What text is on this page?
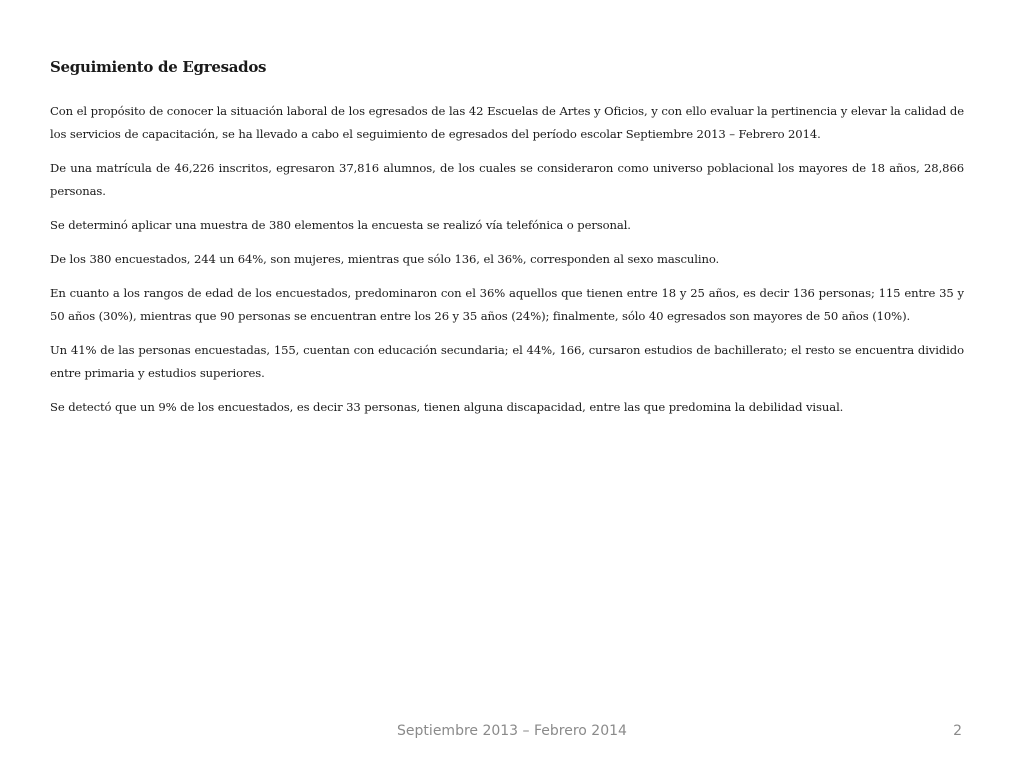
Seguimiento de Egresados

Con el propósito de conocer la situación laboral de los egresados de las 42 Escuelas de Artes y Oficios, y con ello evaluar la pertinencia y elevar la calidad de los servicios de capacitación, se ha llevado a cabo el seguimiento de egresados del período escolar Septiembre 2013 – Febrero 2014.

De una matrícula de 46,226 inscritos, egresaron 37,816 alumnos, de los cuales se consideraron como universo poblacional los mayores de 18 años, 28,866 personas.

Se determinó aplicar una muestra de 380 elementos la encuesta se realizó vía telefónica o personal.

De los 380 encuestados, 244 un 64%, son mujeres, mientras que sólo 136, el 36%, corresponden al sexo masculino.

En cuanto a los rangos de edad de los encuestados, predominaron con el 36% aquellos que tienen entre 18 y 25 años, es decir 136 personas; 115 entre 35 y 50 años (30%), mientras que 90 personas se encuentran entre los 26 y 35 años (24%); finalmente, sólo 40 egresados son mayores de 50 años (10%).

Un 41% de las personas encuestadas, 155, cuentan con educación secundaria; el 44%, 166, cursaron estudios de bachillerato; el resto se encuentra dividido entre primaria y estudios superiores.

Se detectó que un 9% de los encuestados, es decir 33 personas, tienen alguna discapacidad, entre las que predomina la debilidad visual.

Septiembre 2013 – Febrero 2014	2
